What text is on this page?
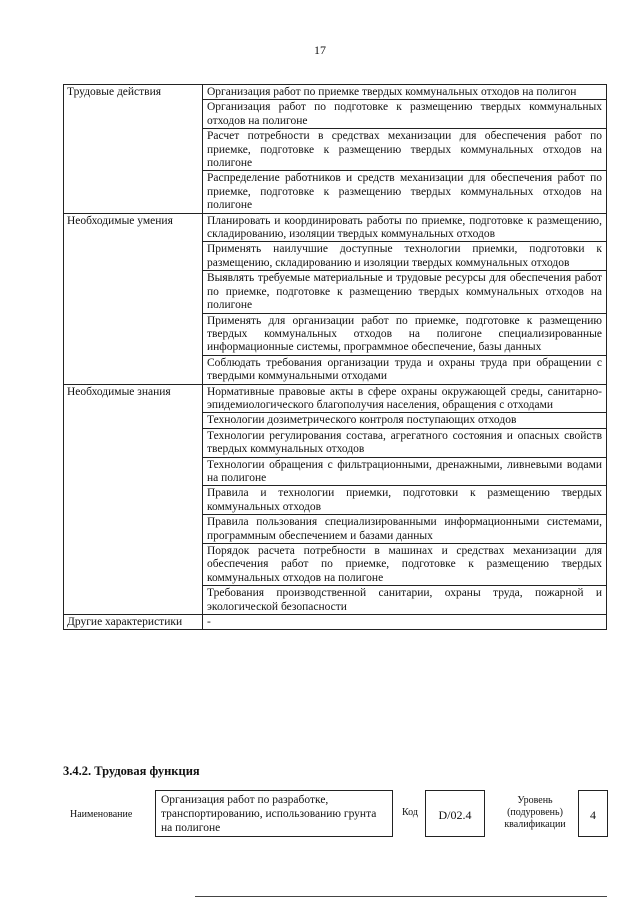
17
Трудовые действия	Организация работ по приемке твердых коммунальных отходов на полигон
	Организация работ по подготовке к размещению твердых коммунальных отходов на полигоне
	Расчет потребности в средствах механизации для обеспечения работ по приемке, подготовке к размещению твердых коммунальных отходов на полигоне
	Распределение работников и средств механизации для обеспечения работ по приемке, подготовке к размещению твердых коммунальных отходов на полигоне
Необходимые умения	Планировать и координировать работы по приемке, подготовке к размещению, складированию, изоляции твердых коммунальных отходов
	Применять наилучшие доступные технологии приемки, подготовки к размещению, складированию и изоляции твердых коммунальных отходов
	Выявлять требуемые материальные и трудовые ресурсы для обеспечения работ по приемке, подготовке к размещению твердых коммунальных отходов на полигоне
	Применять для организации работ по приемке, подготовке к размещению твердых коммунальных отходов на полигоне специализированные информационные системы, программное обеспечение, базы данных
	Соблюдать требования организации труда и охраны труда при обращении с твердыми коммунальными отходами
Необходимые знания	Нормативные правовые акты в сфере охраны окружающей среды, санитарно-эпидемиологического благополучия населения, обращения с отходами
	Технологии дозиметрического контроля поступающих отходов
	Технологии регулирования состава, агрегатного состояния и опасных свойств твердых коммунальных отходов
	Технологии обращения с фильтрационными, дренажными, ливневыми водами на полигоне
	Правила и технологии приемки, подготовки к размещению твердых коммунальных отходов
	Правила пользования специализированными информационными системами, программным обеспечением и базами данных
	Порядок расчета потребности в машинах и средствах механизации для обеспечения работ по приемке, подготовке к размещению твердых коммунальных отходов на полигоне
	Требования производственной санитарии, охраны труда, пожарной и экологической безопасности
Другие характеристики	-
3.4.2. Трудовая функция
Наименование
Организация работ по разработке, транспортированию, использованию грунта на полигоне
Код	D/02.4
Уровень (подуровень) квалификации
4
